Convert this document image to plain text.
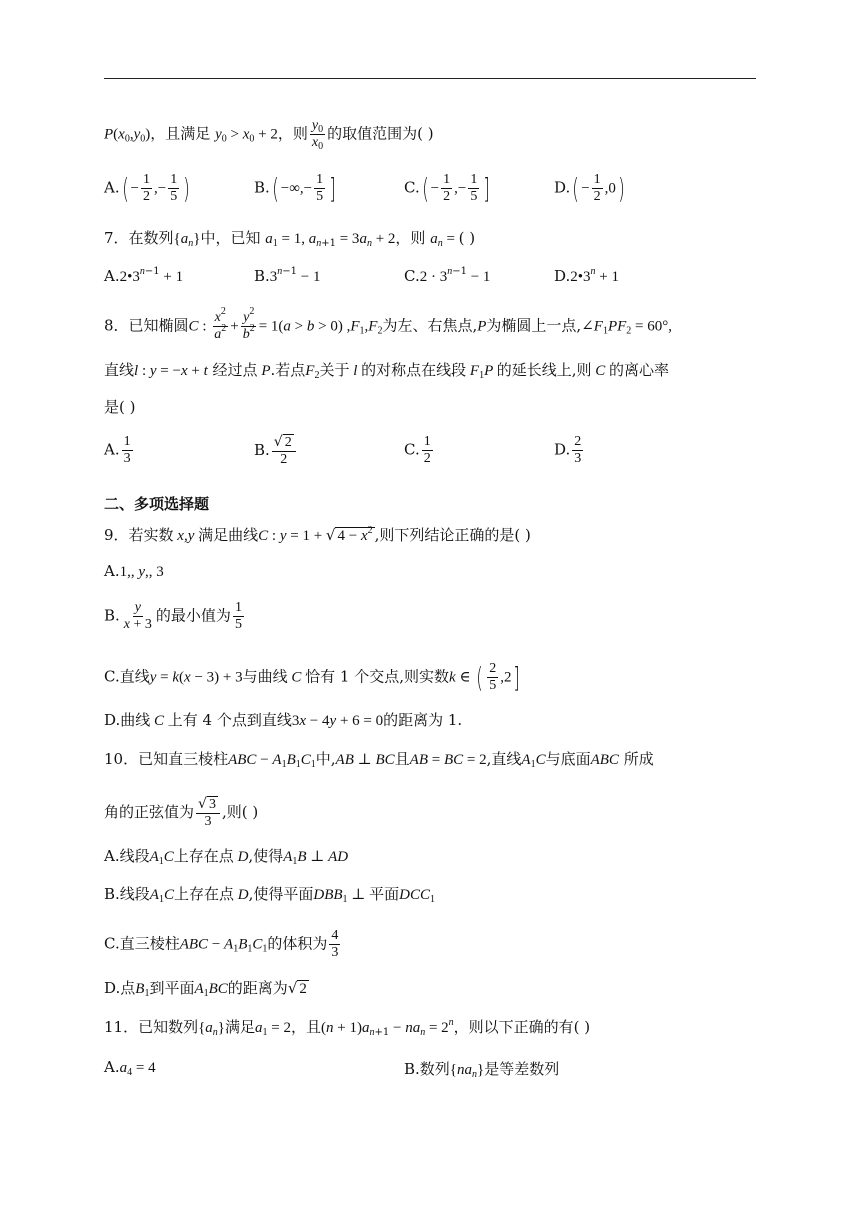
$P(x_0,y_0)$，且满足 $y_0 > x_0 + 2$，则 $\frac{y_0}{x_0}$ 的取值范围为( )
$A.( - \frac{1}{2}$ ,− $\frac{1}{5}$ )	B.( −∞,− $\frac{1}{5}$ ]	$C.( - \frac{1}{2}$ ,− $\frac{1}{5}$ ]	$D.( - \frac{1}{2} ,0)$
7．在数列$\{a_n\}$中，已知 $a_1 = 1$, $a_{n+1} = 3a_n + 2$，则 $a_n$ = ( )
$A.2•3^{n-1} + 1$	$B.3^{n-1} - 1$	$C.2 \cdot 3^{n-1} - 1$	$D.2•3^n + 1$
8．已知椭圆C : $\frac{x^2}{a^2} + \frac{y^2}{b^2} = 1(a > b > 0)$ $,F_1,F_2$为左、右焦点,P为椭圆上一点$,\angle F_1PF_2 = 60^\circ$,
直线l : y = −x + t 经过点 P.若点$F_2$关于 l 的对称点在线段 $F_1P$ 的延长线上,则 C 的离心率
是( )
A. $\frac{1}{3}$	B. $\frac{√ 2}{2}$	C. $\frac{1}{2}$	D. $\frac{2}{3}$
二、多项选择题
9．若实数 x,y 满足曲线C : y = 1 + √ $4 - x^2$ ,则下列结论正确的是( )
A.1,, y,, 3
B. $\frac{y}{x + 3}$ 的最小值为 $\frac{1}{5}$
C.直线y = k(x − 3) + 3与曲线 C 恰有 1 个交点,则实数k ∈ ( $\frac{2}{5} ,2$]
D.曲线 C 上有 4 个点到直线3x − 4y + 6 = 0的距离为 1.
10．已知直三棱柱ABC − $A_1B_1C_1$中,AB ⊥ BC且AB = BC = 2,直线$A_1C$与底面ABC 所成
角的正弦值为 $\frac{√ 3}{3}$ ,则( )
A.线段$A_1C$上存在点 D,使得$A_1B$ ⊥ AD
B.线段$A_1C$上存在点 D,使得平面$DBB_1$ ⊥ 平面$DCC_1$
C.直三棱柱ABC − $A_1B_1C_1$的体积为 $\frac{4}{3}$
D.点$B_1$到平面$A_1BC$的距离为√ 2
11．已知数列$\{a_n\}$满足$a_1 = 2$，且$(n + 1)a_{n+1} - na_n = 2^n$，则以下正确的有( )
$A.a_4 = 4$	B.数列$\{na_n\}$是等差数列
